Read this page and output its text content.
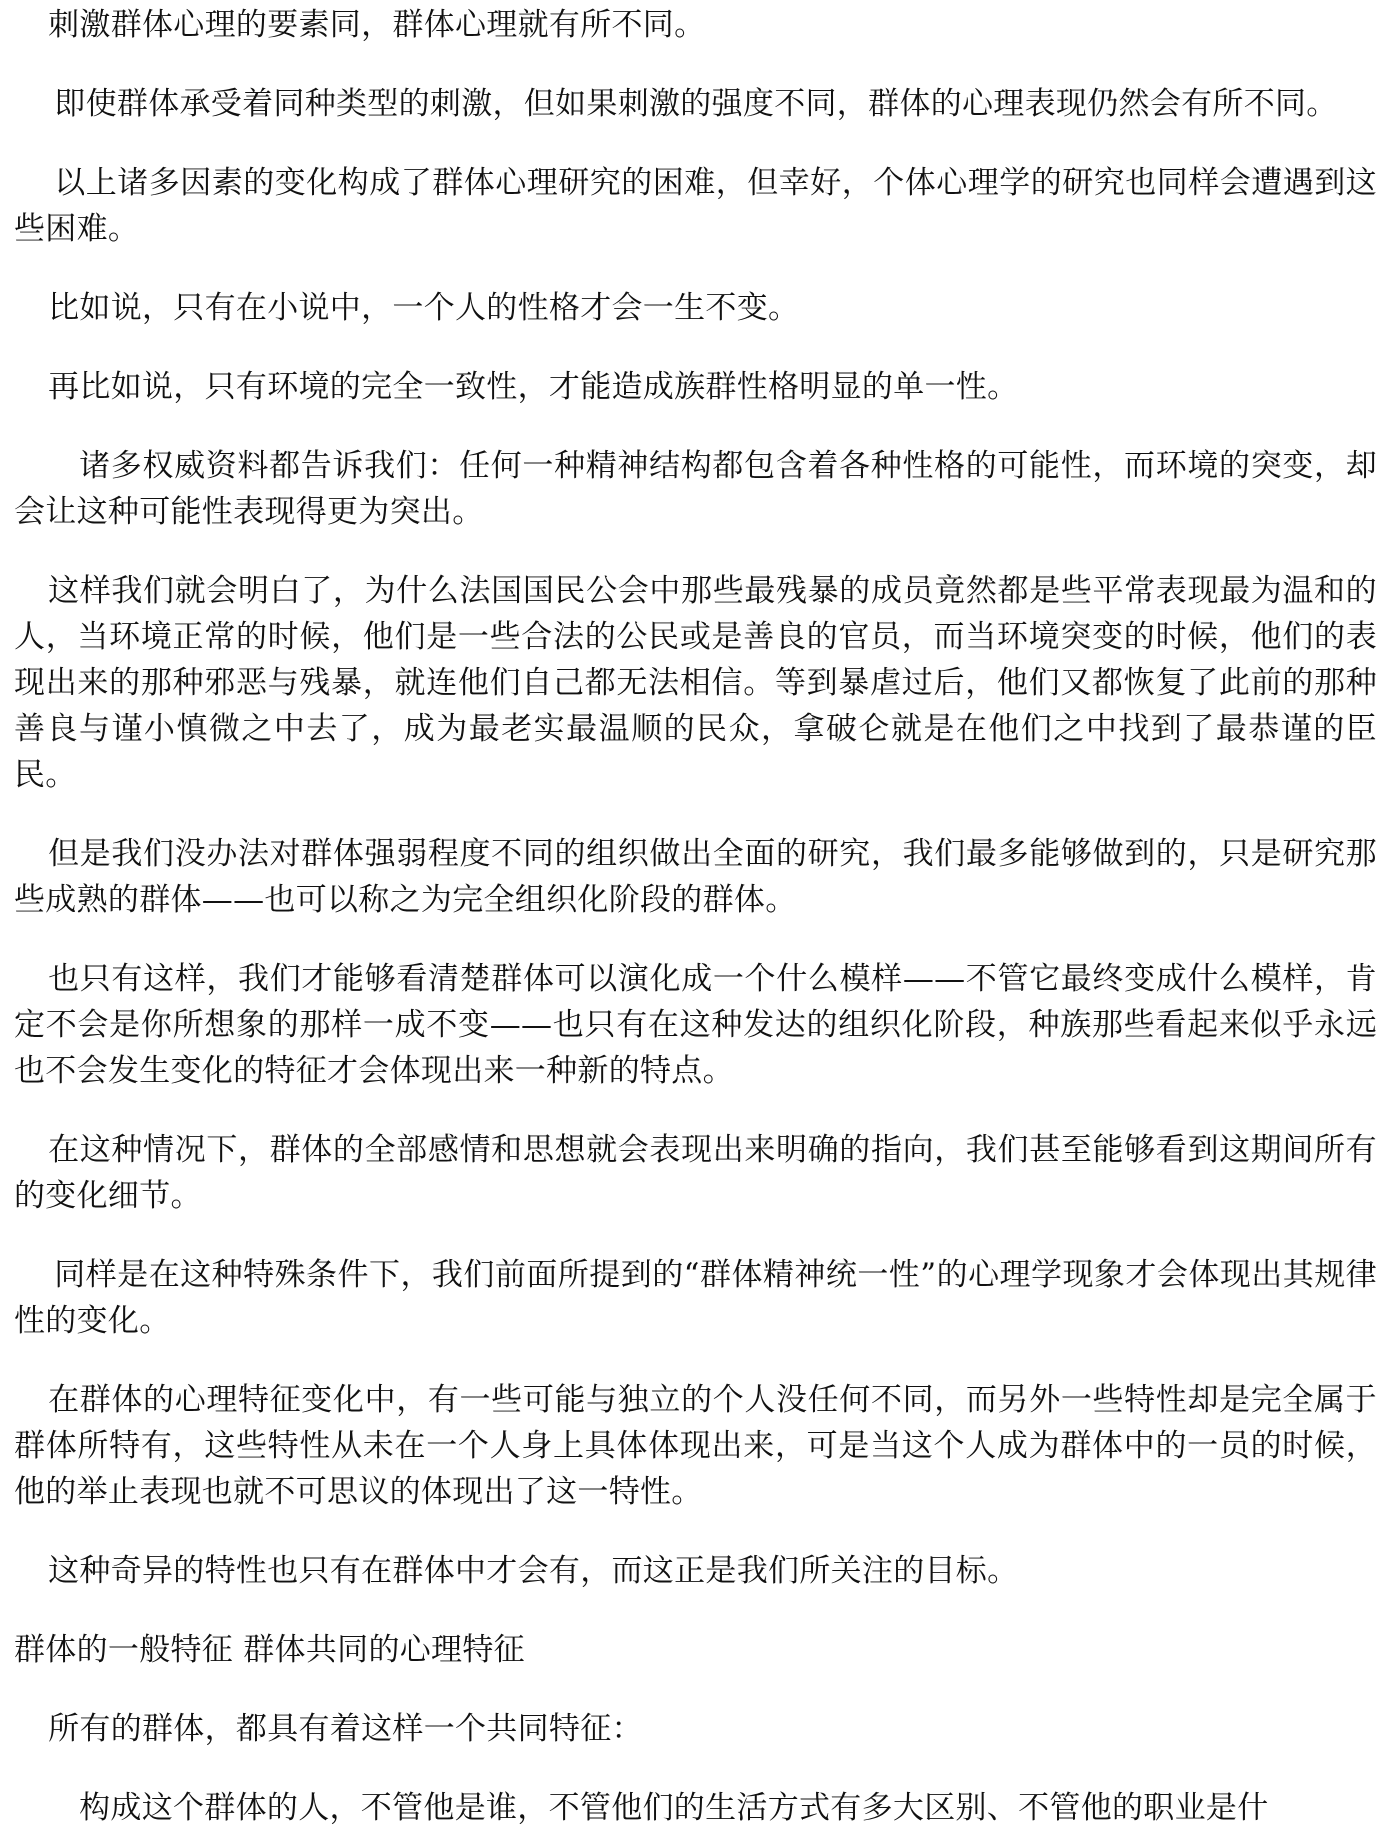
刺激群体心理的要素同，群体心理就有所不同。

即使群体承受着同种类型的刺激，但如果刺激的强度不同，群体的心理表现仍然会有所不同。

以上诸多因素的变化构成了群体心理研究的困难，但幸好，个体心理学的研究也同样会遭遇到这些困难。

比如说，只有在小说中，一个人的性格才会一生不变。

再比如说，只有环境的完全一致性，才能造成族群性格明显的单一性。

诸多权威资料都告诉我们：任何一种精神结构都包含着各种性格的可能性，而环境的突变，却会让这种可能性表现得更为突出。

这样我们就会明白了，为什么法国国民公会中那些最残暴的成员竟然都是些平常表现最为温和的人，当环境正常的时候，他们是一些合法的公民或是善良的官员，而当环境突变的时候，他们的表现出来的那种邪恶与残暴，就连他们自己都无法相信。等到暴虐过后，他们又都恢复了此前的那种善良与谨小慎微之中去了，成为最老实最温顺的民众，拿破仑就是在他们之中找到了最恭谨的臣民。

但是我们没办法对群体强弱程度不同的组织做出全面的研究，我们最多能够做到的，只是研究那些成熟的群体——也可以称之为完全组织化阶段的群体。

也只有这样，我们才能够看清楚群体可以演化成一个什么模样——不管它最终变成什么模样，肯定不会是你所想象的那样一成不变——也只有在这种发达的组织化阶段，种族那些看起来似乎永远也不会发生变化的特征才会体现出来一种新的特点。

在这种情况下，群体的全部感情和思想就会表现出来明确的指向，我们甚至能够看到这期间所有的变化细节。

同样是在这种特殊条件下，我们前面所提到的“群体精神统一性”的心理学现象才会体现出其规律性的变化。

在群体的心理特征变化中，有一些可能与独立的个人没任何不同，而另外一些特性却是完全属于群体所特有，这些特性从未在一个人身上具体体现出来，可是当这个人成为群体中的一员的时候，他的举止表现也就不可思议的体现出了这一特性。

这种奇异的特性也只有在群体中才会有，而这正是我们所关注的目标。

群体的一般特征 群体共同的心理特征

所有的群体，都具有着这样一个共同特征：

构成这个群体的人，不管他是谁，不管他们的生活方式有多大区别、不管他的职业是什
